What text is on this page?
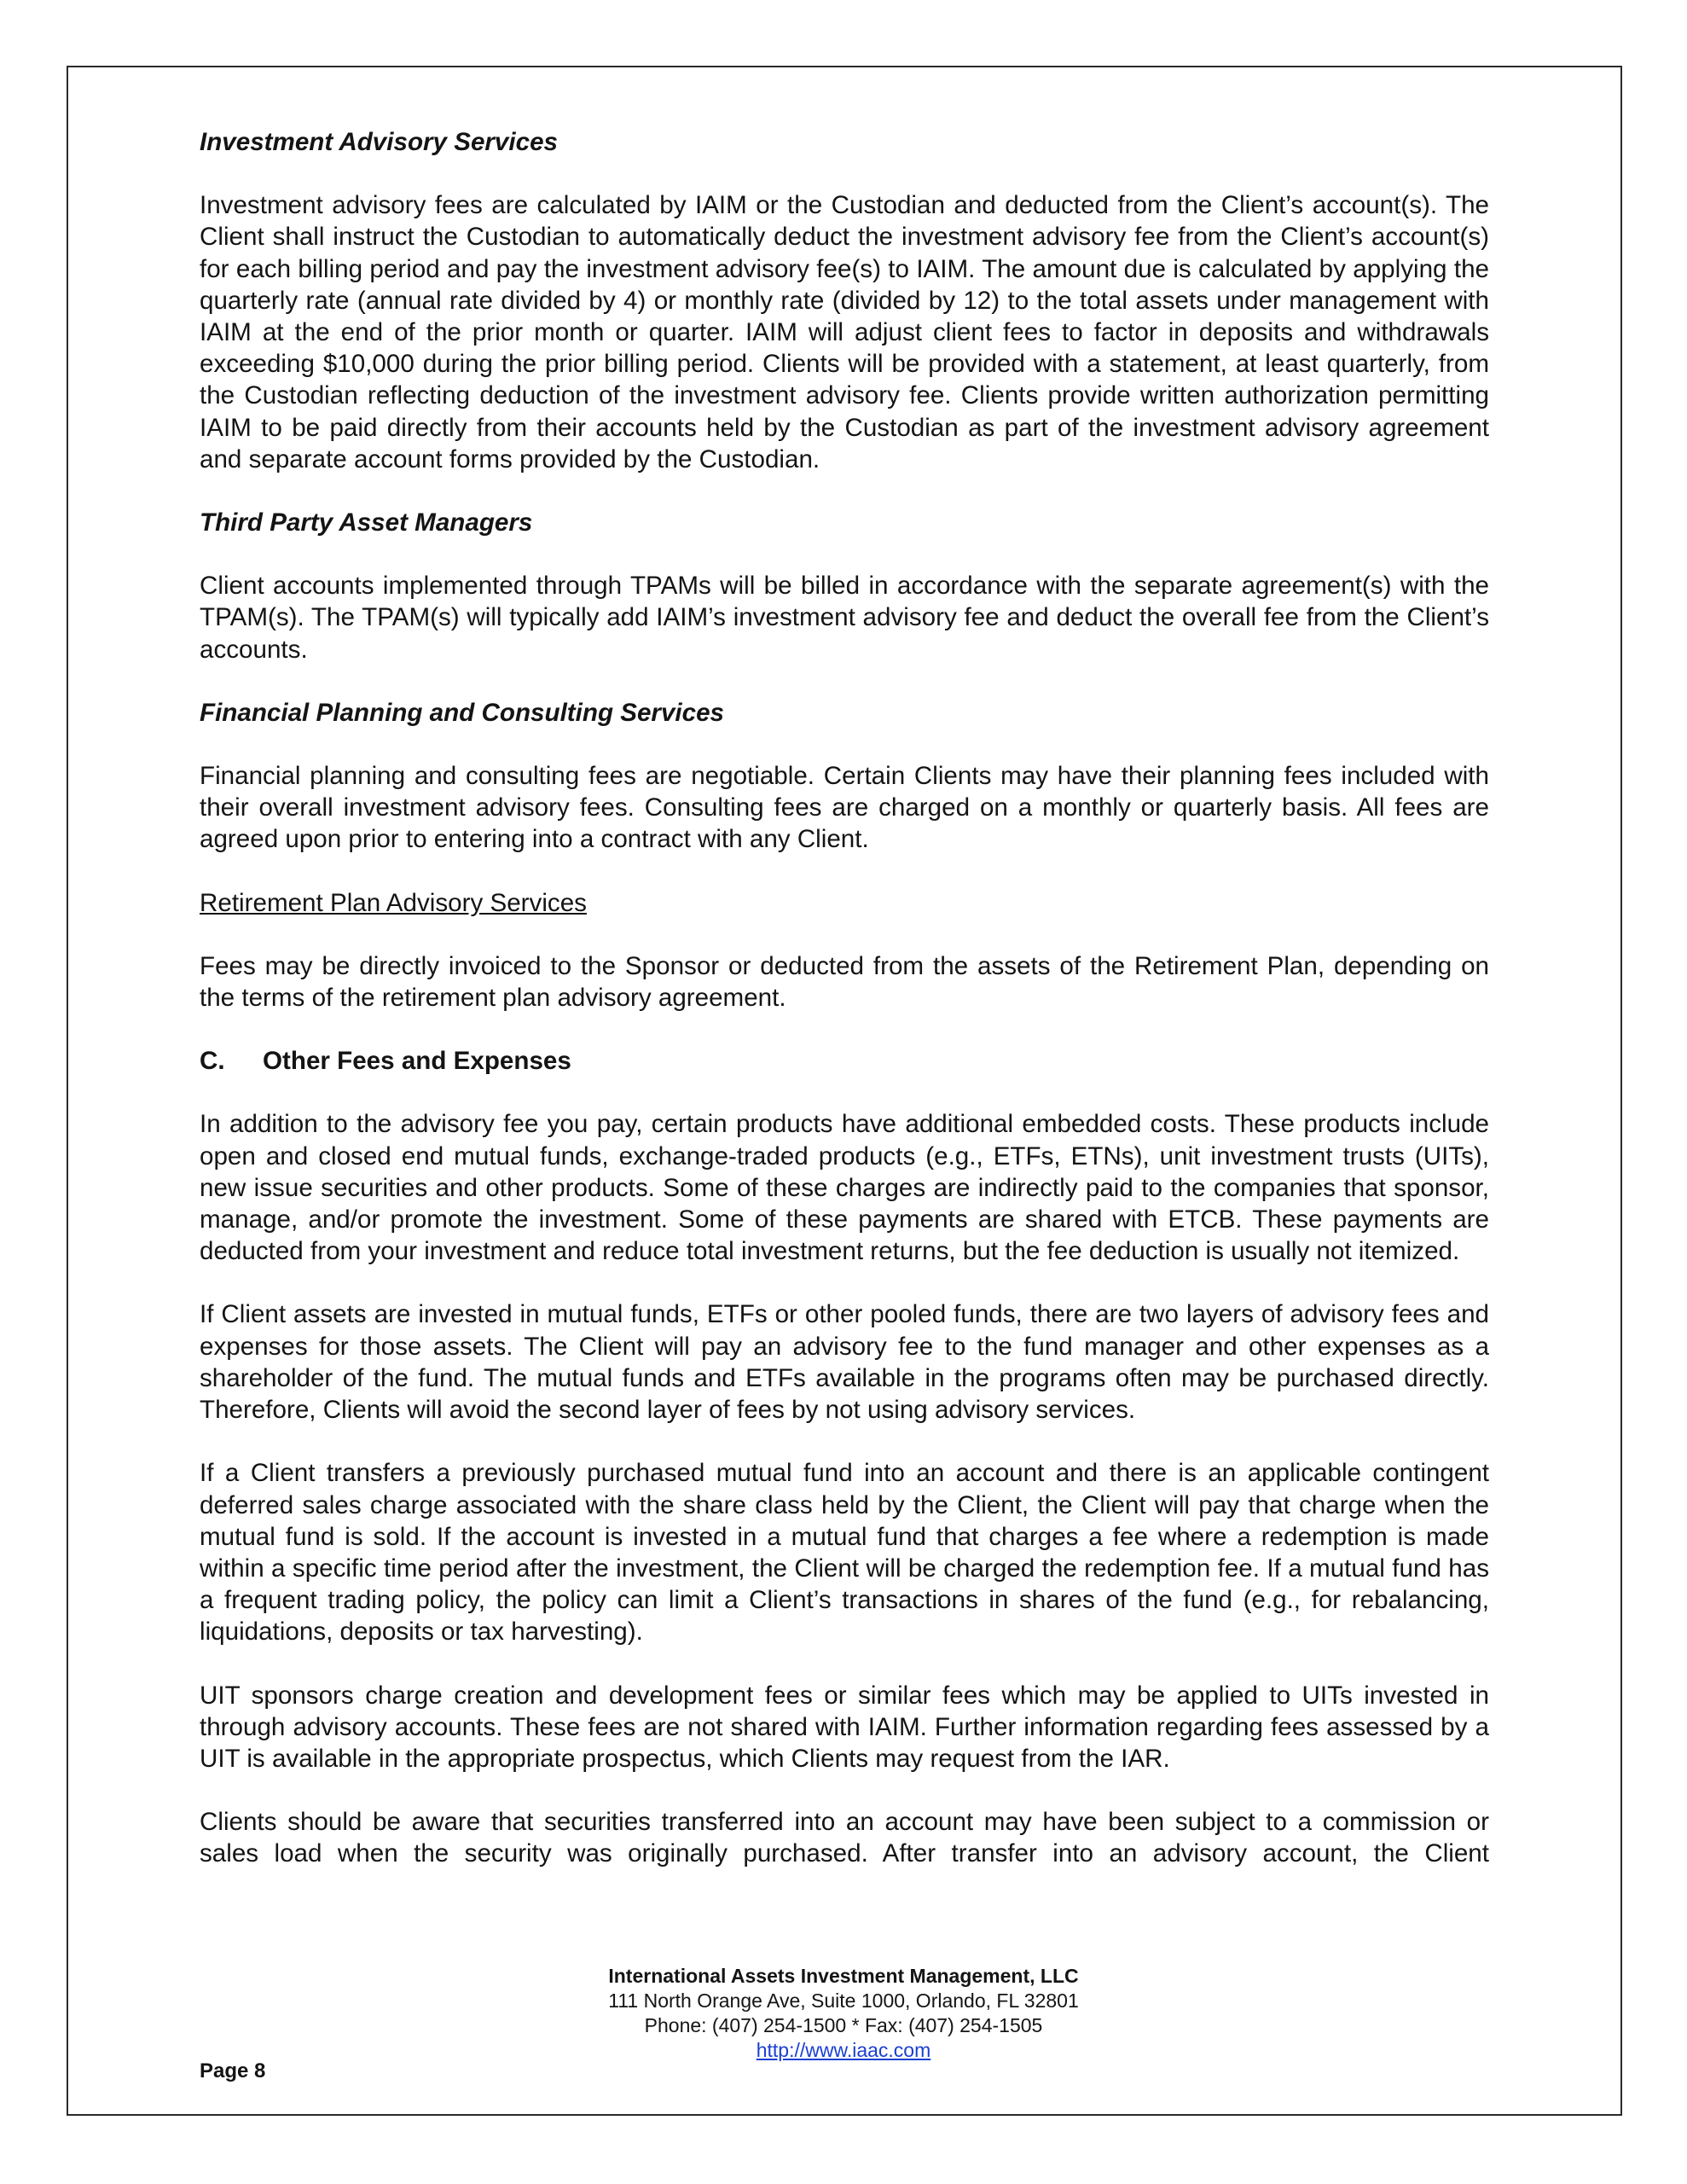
Investment Advisory Services

Investment advisory fees are calculated by IAIM or the Custodian and deducted from the Client’s account(s). The Client shall instruct the Custodian to automatically deduct the investment advisory fee from the Client’s account(s) for each billing period and pay the investment advisory fee(s) to IAIM. The amount due is calculated by applying the quarterly rate (annual rate divided by 4) or monthly rate (divided by 12) to the total assets under management with IAIM at the end of the prior month or quarter. IAIM will adjust client fees to factor in deposits and withdrawals exceeding $10,000 during the prior billing period. Clients will be provided with a statement, at least quarterly, from the Custodian reflecting deduction of the investment advisory fee. Clients provide written authorization permitting IAIM to be paid directly from their accounts held by the Custodian as part of the investment advisory agreement and separate account forms provided by the Custodian.

Third Party Asset Managers

Client accounts implemented through TPAMs will be billed in accordance with the separate agreement(s) with the TPAM(s). The TPAM(s) will typically add IAIM’s investment advisory fee and deduct the overall fee from the Client’s accounts.

Financial Planning and Consulting Services

Financial planning and consulting fees are negotiable. Certain Clients may have their planning fees included with their overall investment advisory fees. Consulting fees are charged on a monthly or quarterly basis. All fees are agreed upon prior to entering into a contract with any Client.

Retirement Plan Advisory Services

Fees may be directly invoiced to the Sponsor or deducted from the assets of the Retirement Plan, depending on the terms of the retirement plan advisory agreement.

C. Other Fees and Expenses

In addition to the advisory fee you pay, certain products have additional embedded costs. These products include open and closed end mutual funds, exchange-traded products (e.g., ETFs, ETNs), unit investment trusts (UITs), new issue securities and other products. Some of these charges are indirectly paid to the companies that sponsor, manage, and/or promote the investment. Some of these payments are shared with ETCB. These payments are deducted from your investment and reduce total investment returns, but the fee deduction is usually not itemized.

If Client assets are invested in mutual funds, ETFs or other pooled funds, there are two layers of advisory fees and expenses for those assets. The Client will pay an advisory fee to the fund manager and other expenses as a shareholder of the fund. The mutual funds and ETFs available in the programs often may be purchased directly. Therefore, Clients will avoid the second layer of fees by not using advisory services.

If a Client transfers a previously purchased mutual fund into an account and there is an applicable contingent deferred sales charge associated with the share class held by the Client, the Client will pay that charge when the mutual fund is sold. If the account is invested in a mutual fund that charges a fee where a redemption is made within a specific time period after the investment, the Client will be charged the redemption fee. If a mutual fund has a frequent trading policy, the policy can limit a Client’s transactions in shares of the fund (e.g., for rebalancing, liquidations, deposits or tax harvesting).

UIT sponsors charge creation and development fees or similar fees which may be applied to UITs invested in through advisory accounts. These fees are not shared with IAIM. Further information regarding fees assessed by a UIT is available in the appropriate prospectus, which Clients may request from the IAR.

Clients should be aware that securities transferred into an account may have been subject to a commission or sales load when the security was originally purchased. After transfer into an advisory account, the Client

International Assets Investment Management, LLC
111 North Orange Ave, Suite 1000, Orlando, FL 32801
Phone: (407) 254-1500 * Fax: (407) 254-1505
http://www.iaac.com
Page 8
